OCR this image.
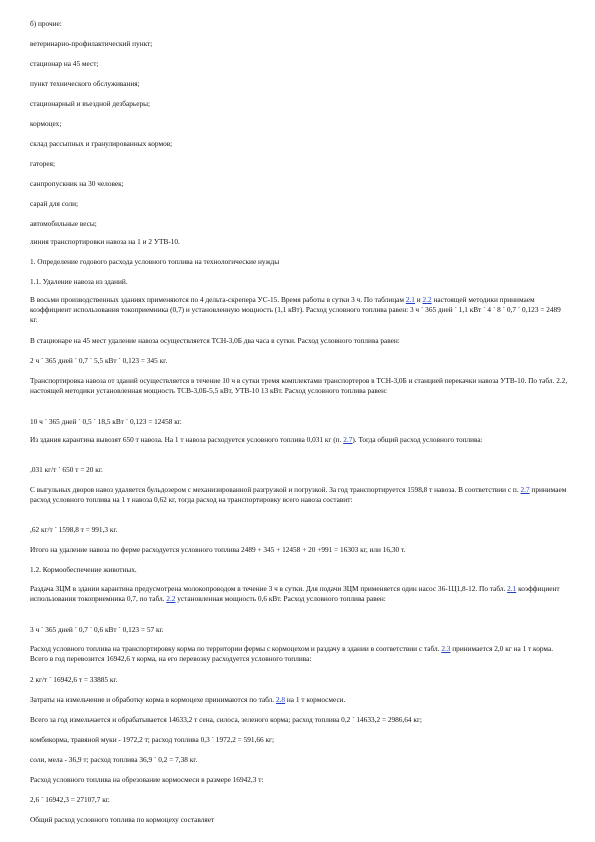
б) прочие:

ветеринарно-профилактический пункт;

стационар на 45 мест;

пункт технического обслуживания;

стационарный и въездной дезбарьеры;

кормоцех;

склад рассыпных и гранулированных кормов;

гаторея;

санпропускник на 30 человек;

сарай для соли;

автомобильные весы;

линия транспортировки навоза на 1 и 2 УТВ-10.

1. Определение годового расхода условного топлива на технологические нужды

1.1. Удаление навоза из зданий.

В восьми производственных зданиях применяются по 4 дельта-скрепера УС-15. Время работы в сутки 3 ч. По таблицам 2.1 и 2.2 настоящей методики принимаем коэффициент использования токоприемника (0,7) и установленную мощность (1,1 кВт). Расход условного топлива равен: 3 ч ´ 365 дней ´ 1,1 кВт ´ 4 ´ 8 ´ 0,7 ´ 0,123 = 2489 кг.

В стационаре на 45 мест удаление навоза осуществляется ТСН-3,0Б два часа в сутки. Расход условного топлива равен:

2 ч ´ 365 дней ´ 0,7 ´ 5,5 кВт ´ 0,123 = 345 кг.

Транспортировка навоза от зданий осуществляется в течение 10 ч в сутки тремя комплектами транспортеров в ТСН-3,0Б и станцией перекачки навоза УТВ-10. По табл. 2.2, настоящей методики установленная мощность ТСВ-3,0Б-5,5 кВт, УТВ-10 13 кВт. Расход условного топлива равен:

10 ч ´ 365 дней ´ 0,5 ´ 18,5 кВт ´ 0,123 = 12458 кг.

Из здания карантина вывозят 650 т навоза. На 1 т навоза расходуется условного топлива 0,031 кг (п. 2.7). Тогда общий расход условного топлива:

,031 кг/т ´ 650 т = 20 кг.

С выгульных дворов навоз удаляется бульдозером с механизированной разгрузкой и погрузкой. За год транспортируется 1598,8 т навоза. В соответствии с п. 2.7 принимаем расход условного топлива на 1 т навоза 0,62 кг, тогда расход на транспортировку всего навоза составит:

,62 кг/т ´ 1598,8 т = 991,3 кг.

Итого на удаление навоза по ферме расходуется условного топлива 2489 + 345 + 12458 + 20 +991 = 16303 кг, или 16,30 т.

1.2. Кормообеспечение животных.

Раздача ЗЦМ в здании карантина предусмотрена молокопроводом в течение 3 ч в сутки. Для подачи ЗЦМ применяется один насос 36-1Ц1,8-12. По табл. 2.1 коэффициент использования токоприемника 0,7, по табл. 2.2 установленная мощность 0,6 кВт. Расход условного топлива равен:

3 ч ´ 365 дней ´ 0,7 ´ 0,6 кВт ´ 0,123 = 57 кг.

Расход условного топлива на транспортировку корма по территории фермы с кормоцехом и раздачу в здании в соответствии с табл. 2.3 принимается 2,0 кг на 1 т корма. Всего в год перевозится 16942,6 т корма, на его перевозку расходуется условного топлива:

2 кг/т ´ 16942,6 т = 33885 кг.

Затраты на измельчение и обработку корма в кормоцехе принимаются по табл. 2.8 на 1 т кормосмеси.

Всего за год измельчается и обрабатывается 14633,2 т сена, силоса, зеленого корма; расход топлива 0,2 ´ 14633,2 = 2986,64 кг;

комбикорма, травяной муки - 1972,2 т; расход топлива 0,3 ´ 1972,2 = 591,66 кг;

соли, мела - 36,9 т; расход топлива 36,9 ´ 0,2 = 7,38 кг.

Расход условного топлива на обрезование кормосмеси в размере 16942,3 т:

2,6 ´ 16942,3 = 27107,7 кг.

Общий расход условного топлива по кормоцеху составляет
